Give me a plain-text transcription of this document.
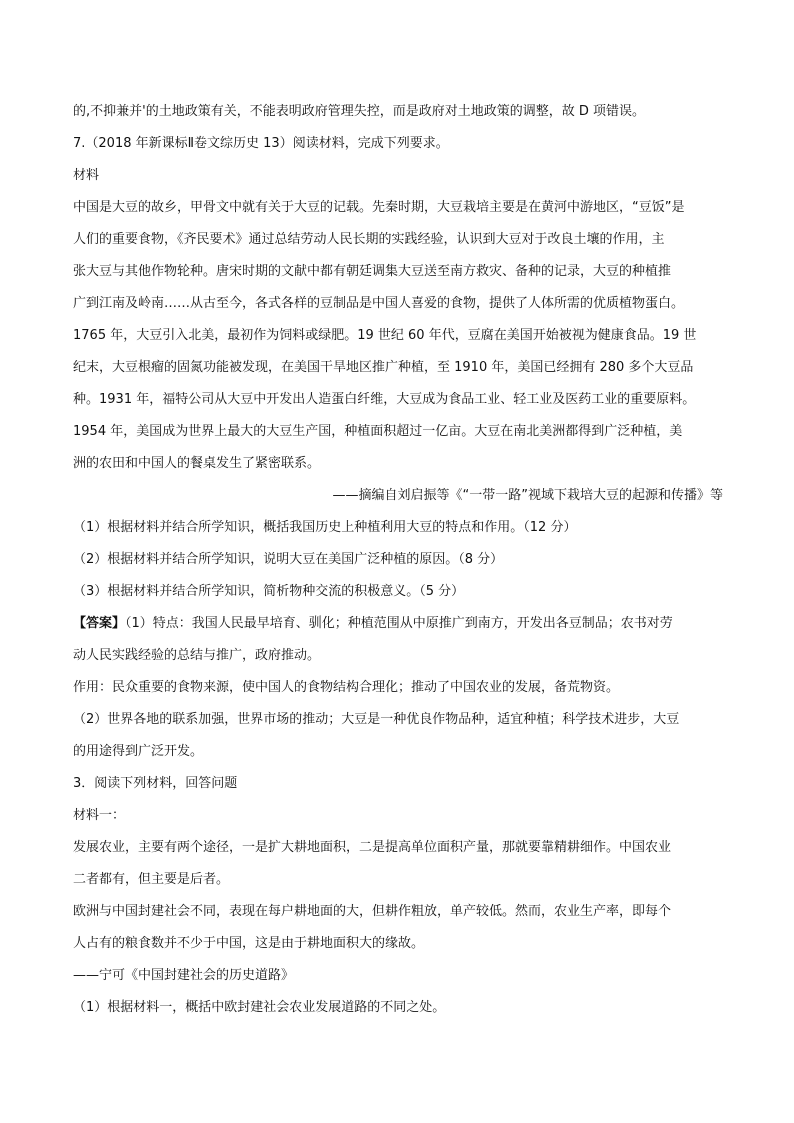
的,不抑兼并'的土地政策有关，不能表明政府管理失控，而是政府对土地政策的调整，故 D 项错误。
7.（2018 年新课标Ⅱ卷文综历史 13）阅读材料，完成下列要求。
材料
中国是大豆的故乡，甲骨文中就有关于大豆的记载。先秦时期，大豆栽培主要是在黄河中游地区，“豆饭”是
人们的重要食物，《齐民要术》通过总结劳动人民长期的实践经验，认识到大豆对于改良土壤的作用，主
张大豆与其他作物轮种。唐宋时期的文献中都有朝廷调集大豆送至南方救灾、备种的记录，大豆的种植推
广到江南及岭南……从古至今，各式各样的豆制品是中国人喜爱的食物，提供了人体所需的优质植物蛋白。
1765 年，大豆引入北美，最初作为饲料或绿肥。19 世纪 60 年代，豆腐在美国开始被视为健康食品。19 世
纪末，大豆根瘤的固氮功能被发现，在美国干旱地区推广种植，至 1910 年，美国已经拥有 280 多个大豆品
种。1931 年，福特公司从大豆中开发出人造蛋白纤维，大豆成为食品工业、轻工业及医药工业的重要原料。
1954 年，美国成为世界上最大的大豆生产国，种植面积超过一亿亩。大豆在南北美洲都得到广泛种植，美
洲的农田和中国人的餐桌发生了紧密联系。
——摘编自刘启振等《“一带一路”视域下栽培大豆的起源和传播》等
（1）根据材料并结合所学知识，概括我国历史上种植利用大豆的特点和作用。（12 分）
（2）根据材料并结合所学知识，说明大豆在美国广泛种植的原因。（8 分）
（3）根据材料并结合所学知识，简析物种交流的积极意义。（5 分）
【答案】（1）特点：我国人民最早培育、驯化；种植范围从中原推广到南方，开发出各豆制品；农书对劳
动人民实践经验的总结与推广，政府推动。
作用：民众重要的食物来源，使中国人的食物结构合理化；推动了中国农业的发展，备荒物资。
（2）世界各地的联系加强，世界市场的推动；大豆是一种优良作物品种，适宜种植；科学技术进步，大豆
的用途得到广泛开发。
3．阅读下列材料，回答问题
材料一：
发展农业，主要有两个途径，一是扩大耕地面积，二是提高单位面积产量，那就要靠精耕细作。中国农业
二者都有，但主要是后者。
欧洲与中国封建社会不同，表现在每户耕地面的大，但耕作粗放，单产较低。然而，农业生产率，即每个
人占有的粮食数并不少于中国，这是由于耕地面积大的缘故。
——宁可《中国封建社会的历史道路》
（1）根据材料一，概括中欧封建社会农业发展道路的不同之处。
